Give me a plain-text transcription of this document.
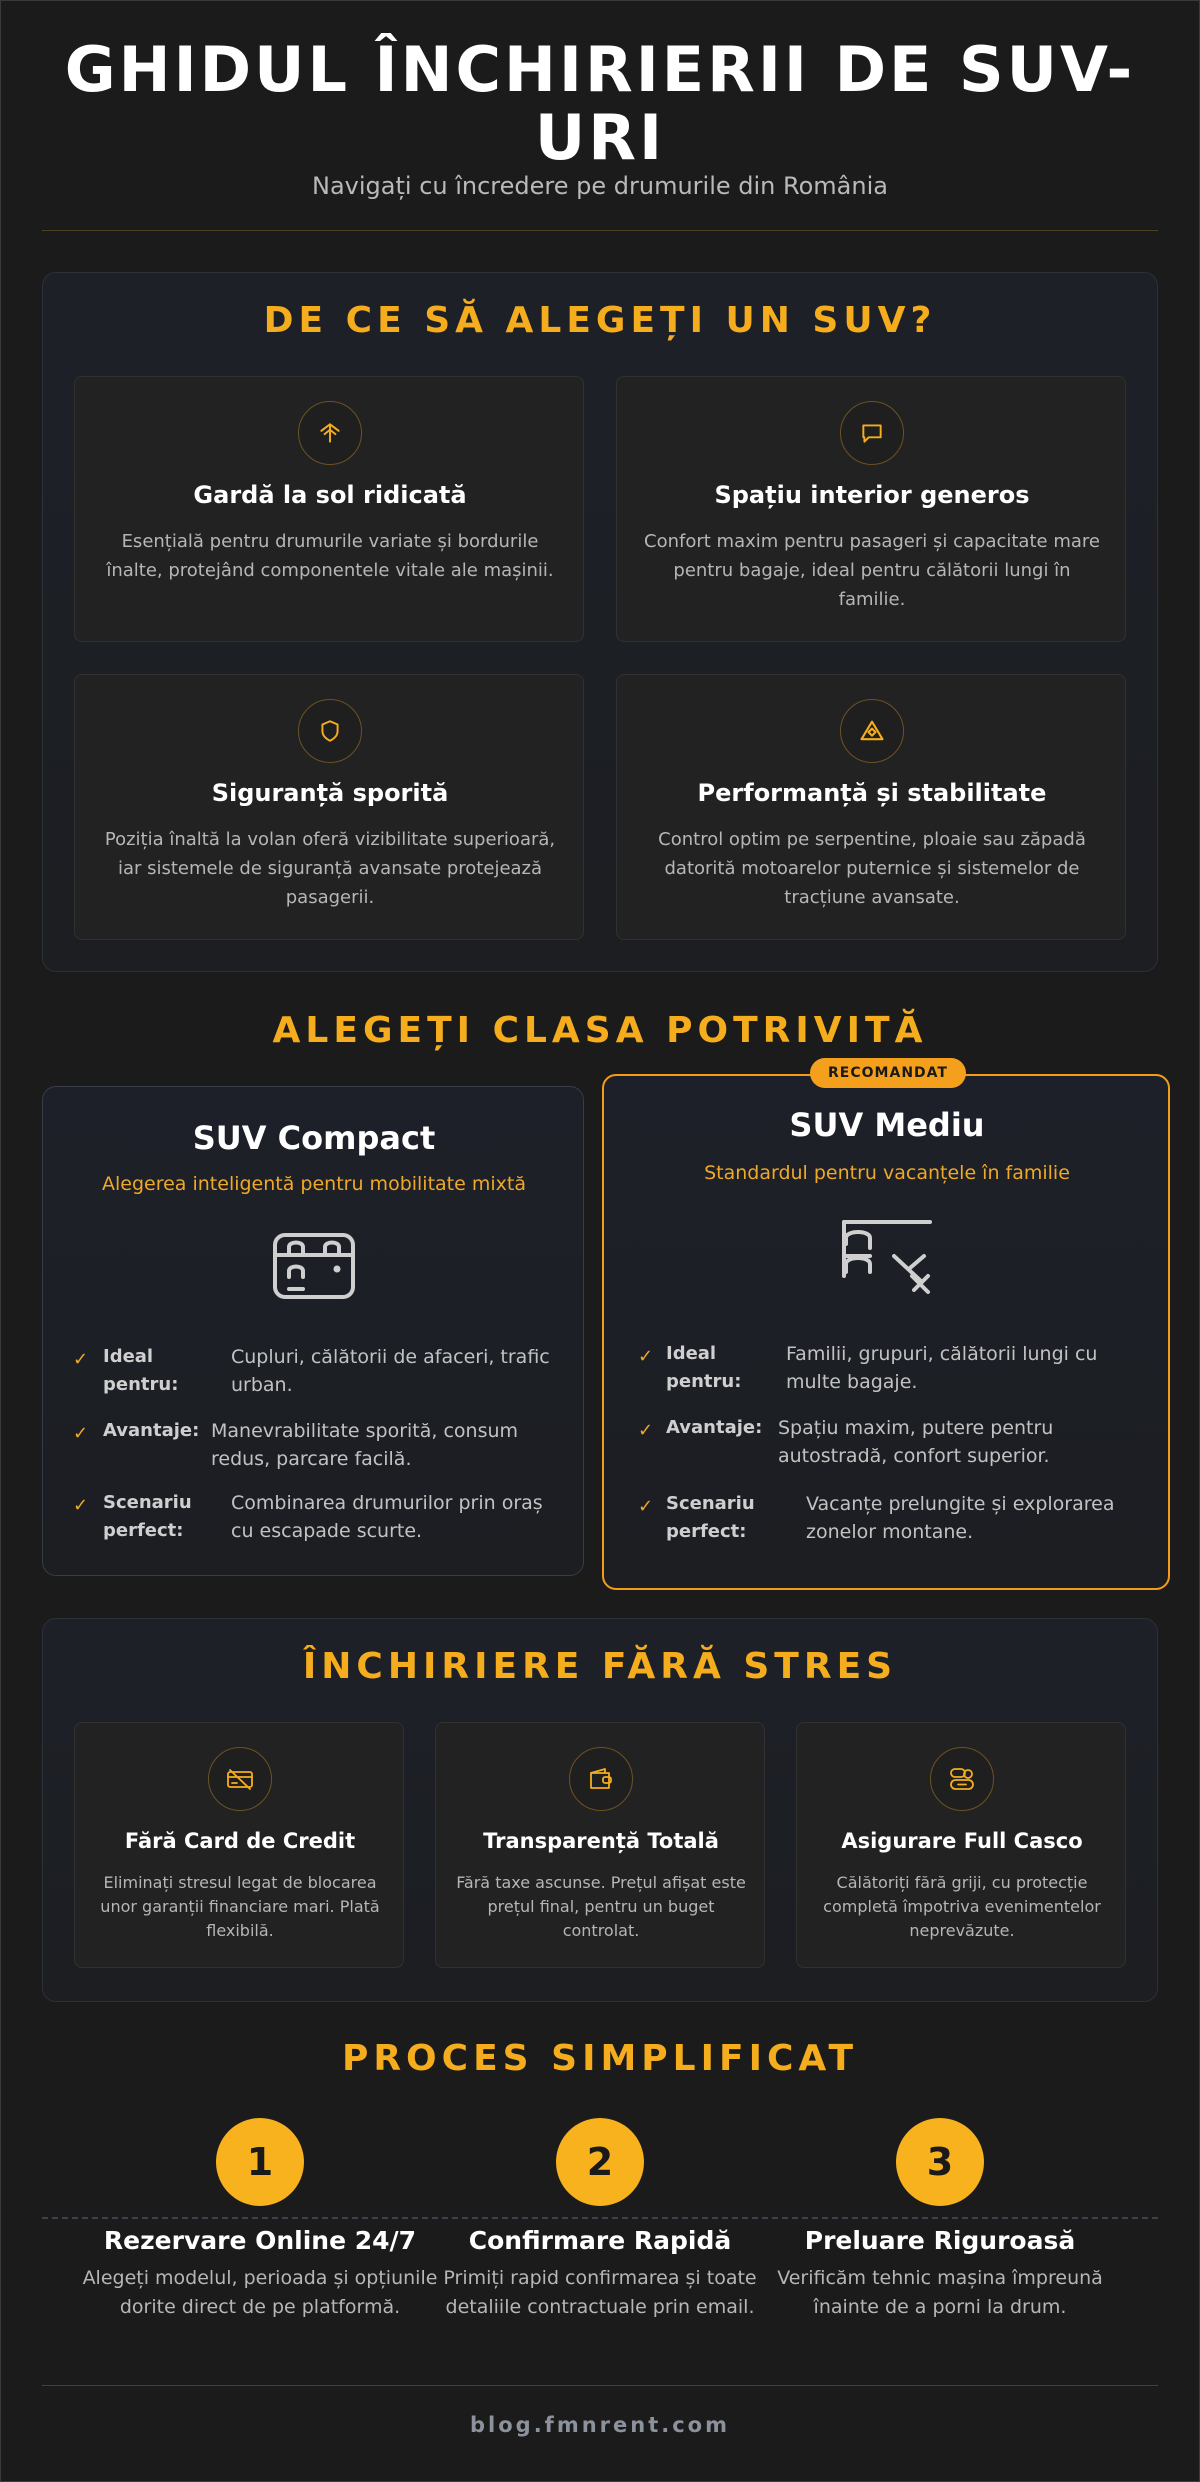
GHIDUL ÎNCHIRIERII DE SUV-URI
Navigați cu încredere pe drumurile din România
DE CE SĂ ALEGEȚI UN SUV?
Gardă la sol ridicată
Esențială pentru drumurile variate și bordurile înalte, protejând componentele vitale ale mașinii.
Spațiu interior generos
Confort maxim pentru pasageri și capacitate mare pentru bagaje, ideal pentru călătorii lungi în familie.
Siguranță sporită
Poziția înaltă la volan oferă vizibilitate superioară, iar sistemele de siguranță avansate protejează pasagerii.
Performanță și stabilitate
Control optim pe serpentine, ploaie sau zăpadă datorită motoarelor puternice și sistemelor de tracțiune avansate.
ALEGEȚI CLASA POTRIVITĂ
SUV Compact
Alegerea inteligentă pentru mobilitate mixtă
✓ Ideal pentru:
Cupluri, călătorii de afaceri, trafic urban.
✓ Avantaje: Manevrabilitate sporită, consum redus, parcare facilă.
✓ Scenariu perfect:
Combinarea drumurilor prin oraș cu escapade scurte.
RECOMANDAT
SUV Mediu
Standardul pentru vacanțele în familie
✓ Ideal pentru:
Familii, grupuri, călătorii lungi cu multe bagaje.
✓ Avantaje: Spațiu maxim, putere pentru autostradă, confort superior.
✓ Scenariu perfect:
Vacanțe prelungite și explorarea zonelor montane.
ÎNCHIRIERE FĂRĂ STRES
Fără Card de Credit
Eliminați stresul legat de blocarea unor garanții financiare mari. Plată flexibilă.
Transparență Totală
Fără taxe ascunse. Prețul afișat este prețul final, pentru un buget controlat.
Asigurare Full Casco
Călătoriți fără griji, cu protecție completă împotriva evenimentelor neprevăzute.
PROCES SIMPLIFICAT
1
Rezervare Online 24/7
Alegeți modelul, perioada și opțiunile dorite direct de pe platformă.
2
Confirmare Rapidă
Primiți rapid confirmarea și toate detaliile contractuale prin email.
3
Preluare Riguroasă
Verificăm tehnic mașina împreună înainte de a porni la drum.
blog.fmnrent.com
